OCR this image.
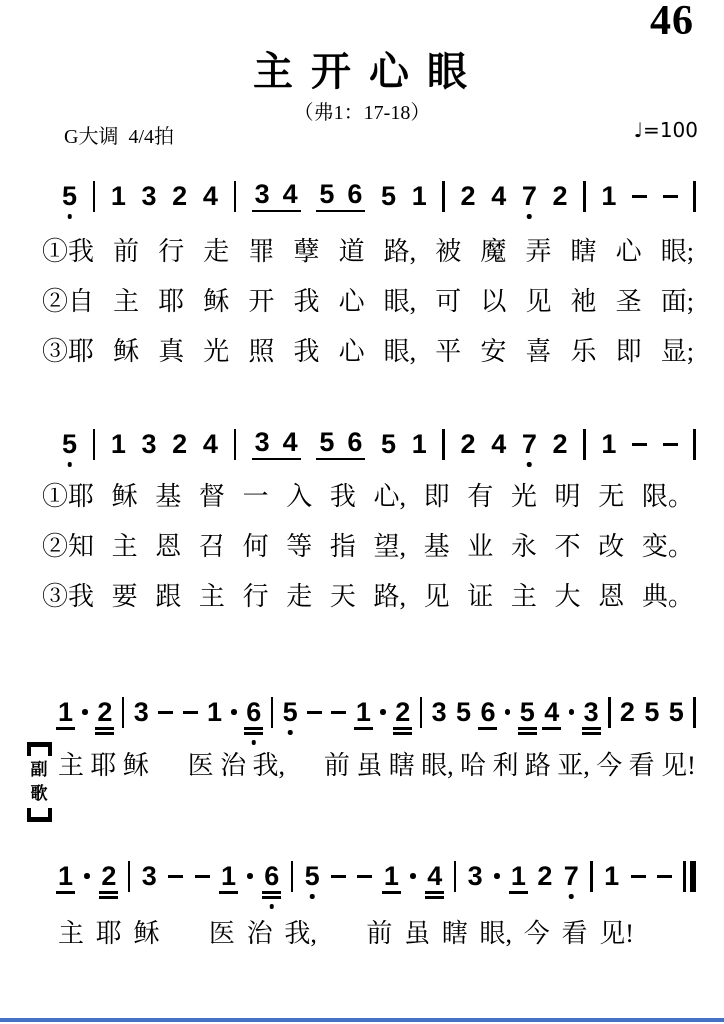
46
主 开 心 眼
（弗1：17-18）
G大调  4/4拍	♩=100
5 1 3 2 4 3 4 5 6 5 1 2 4 7 2 1
①我 前 行 走 罪 孽 道 路, 被 魔 弄 瞎 心 眼;
②自 主 耶 稣 开 我 心 眼, 可 以 见 祂 圣 面;
③耶 稣 真 光 照 我 心 眼, 平 安 喜 乐 即 显;
5 1 3 2 4 3 4 5 6 5 1 2 4 7 2 1
①耶 稣 基 督 一 入 我 心, 即 有 光 明 无 限。
②知 主 恩 召 何 等 指 望, 基 业 永 不 改 变。
③我 要 跟 主 行 走 天 路, 见 证 主 大 恩 典。
1 2 3 1 6 5 1 2 3 5 6 5 4 3 2 5 5
副
歌
主 耶 稣 医 治 我, 前 虽 瞎 眼, 哈 利 路 亚, 今 看 见!
1 2 3 1 6 5 1 4 3 1 2 7 1
主 耶 稣 医 治 我, 前 虽 瞎 眼, 今 看 见!
